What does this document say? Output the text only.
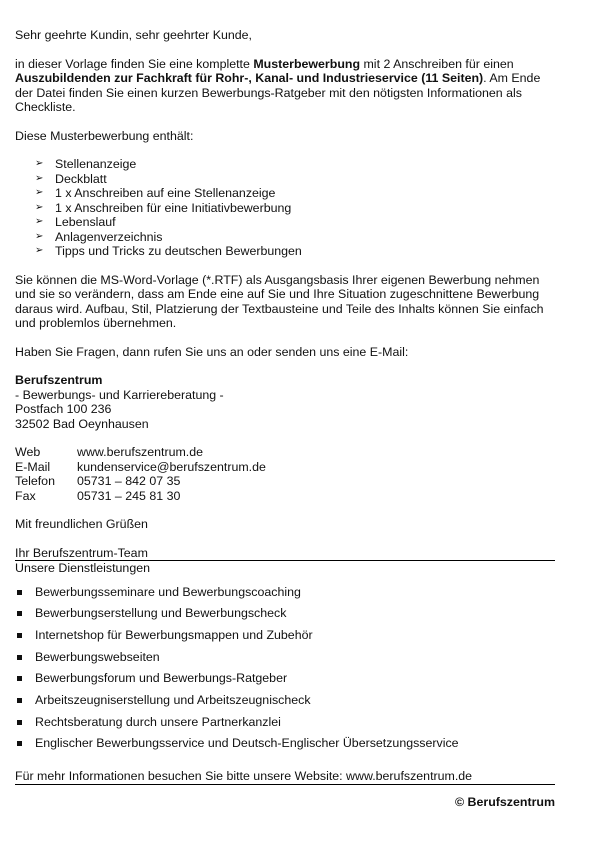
Sehr geehrte Kundin, sehr geehrter Kunde,

in dieser Vorlage finden Sie eine komplette Musterbewerbung mit 2 Anschreiben für einen Auszubildenden zur Fachkraft für Rohr-, Kanal- und Industrieservice (11 Seiten). Am Ende der Datei finden Sie einen kurzen Bewerbungs-Ratgeber mit den nötigsten Informationen als Checkliste.

Diese Musterbewerbung enthält:

➢ Stellenanzeige
➢ Deckblatt
➢ 1 x Anschreiben auf eine Stellenanzeige
➢ 1 x Anschreiben für eine Initiativbewerbung
➢ Lebenslauf
➢ Anlagenverzeichnis
➢ Tipps und Tricks zu deutschen Bewerbungen

Sie können die MS-Word-Vorlage (*.RTF) als Ausgangsbasis Ihrer eigenen Bewerbung nehmen und sie so verändern, dass am Ende eine auf Sie und Ihre Situation zugeschnittene Bewerbung daraus wird. Aufbau, Stil, Platzierung der Textbausteine und Teile des Inhalts können Sie einfach und problemlos übernehmen.

Haben Sie Fragen, dann rufen Sie uns an oder senden uns eine E-Mail:

Berufszentrum

- Bewerbungs- und Karriereberatung -

Postfach 100 236

32502 Bad Oeynhausen

Web	www.berufszentrum.de
E-Mail	kundenservice@berufszentrum.de
Telefon	05731 – 842 07 35
Fax	05731 – 245 81 30

Mit freundlichen Grüßen

Ihr Berufszentrum-Team

Unsere Dienstleistungen

Bewerbungsseminare und Bewerbungscoaching
Bewerbungserstellung und Bewerbungscheck
Internetshop für Bewerbungsmappen und Zubehör
Bewerbungswebseiten
Bewerbungsforum und Bewerbungs-Ratgeber
Arbeitszeugniserstellung und Arbeitszeugnischeck
Rechtsberatung durch unsere Partnerkanzlei
Englischer Bewerbungsservice und Deutsch-Englischer Übersetzungsservice

Für mehr Informationen besuchen Sie bitte unsere Website: www.berufszentrum.de

© Berufszentrum
